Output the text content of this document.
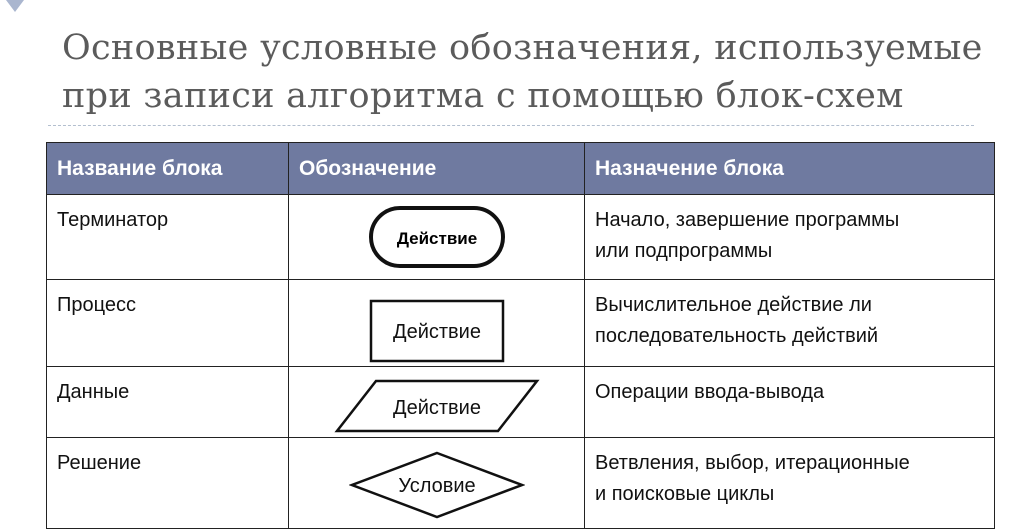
Основные условные обозначения, используемые
при записи алгоритма с помощью блок-схем
Название блока	Обозначение	Назначение блока
Терминатор	Действие	Начало, завершение программы
или подпрограммы

Процесс	Действие	Вычислительное действие ли
последовательность действий

Данные	Действие	Операции ввода-вывода

Решение	Условие	Ветвления, выбор, итерационные
и поисковые циклы
